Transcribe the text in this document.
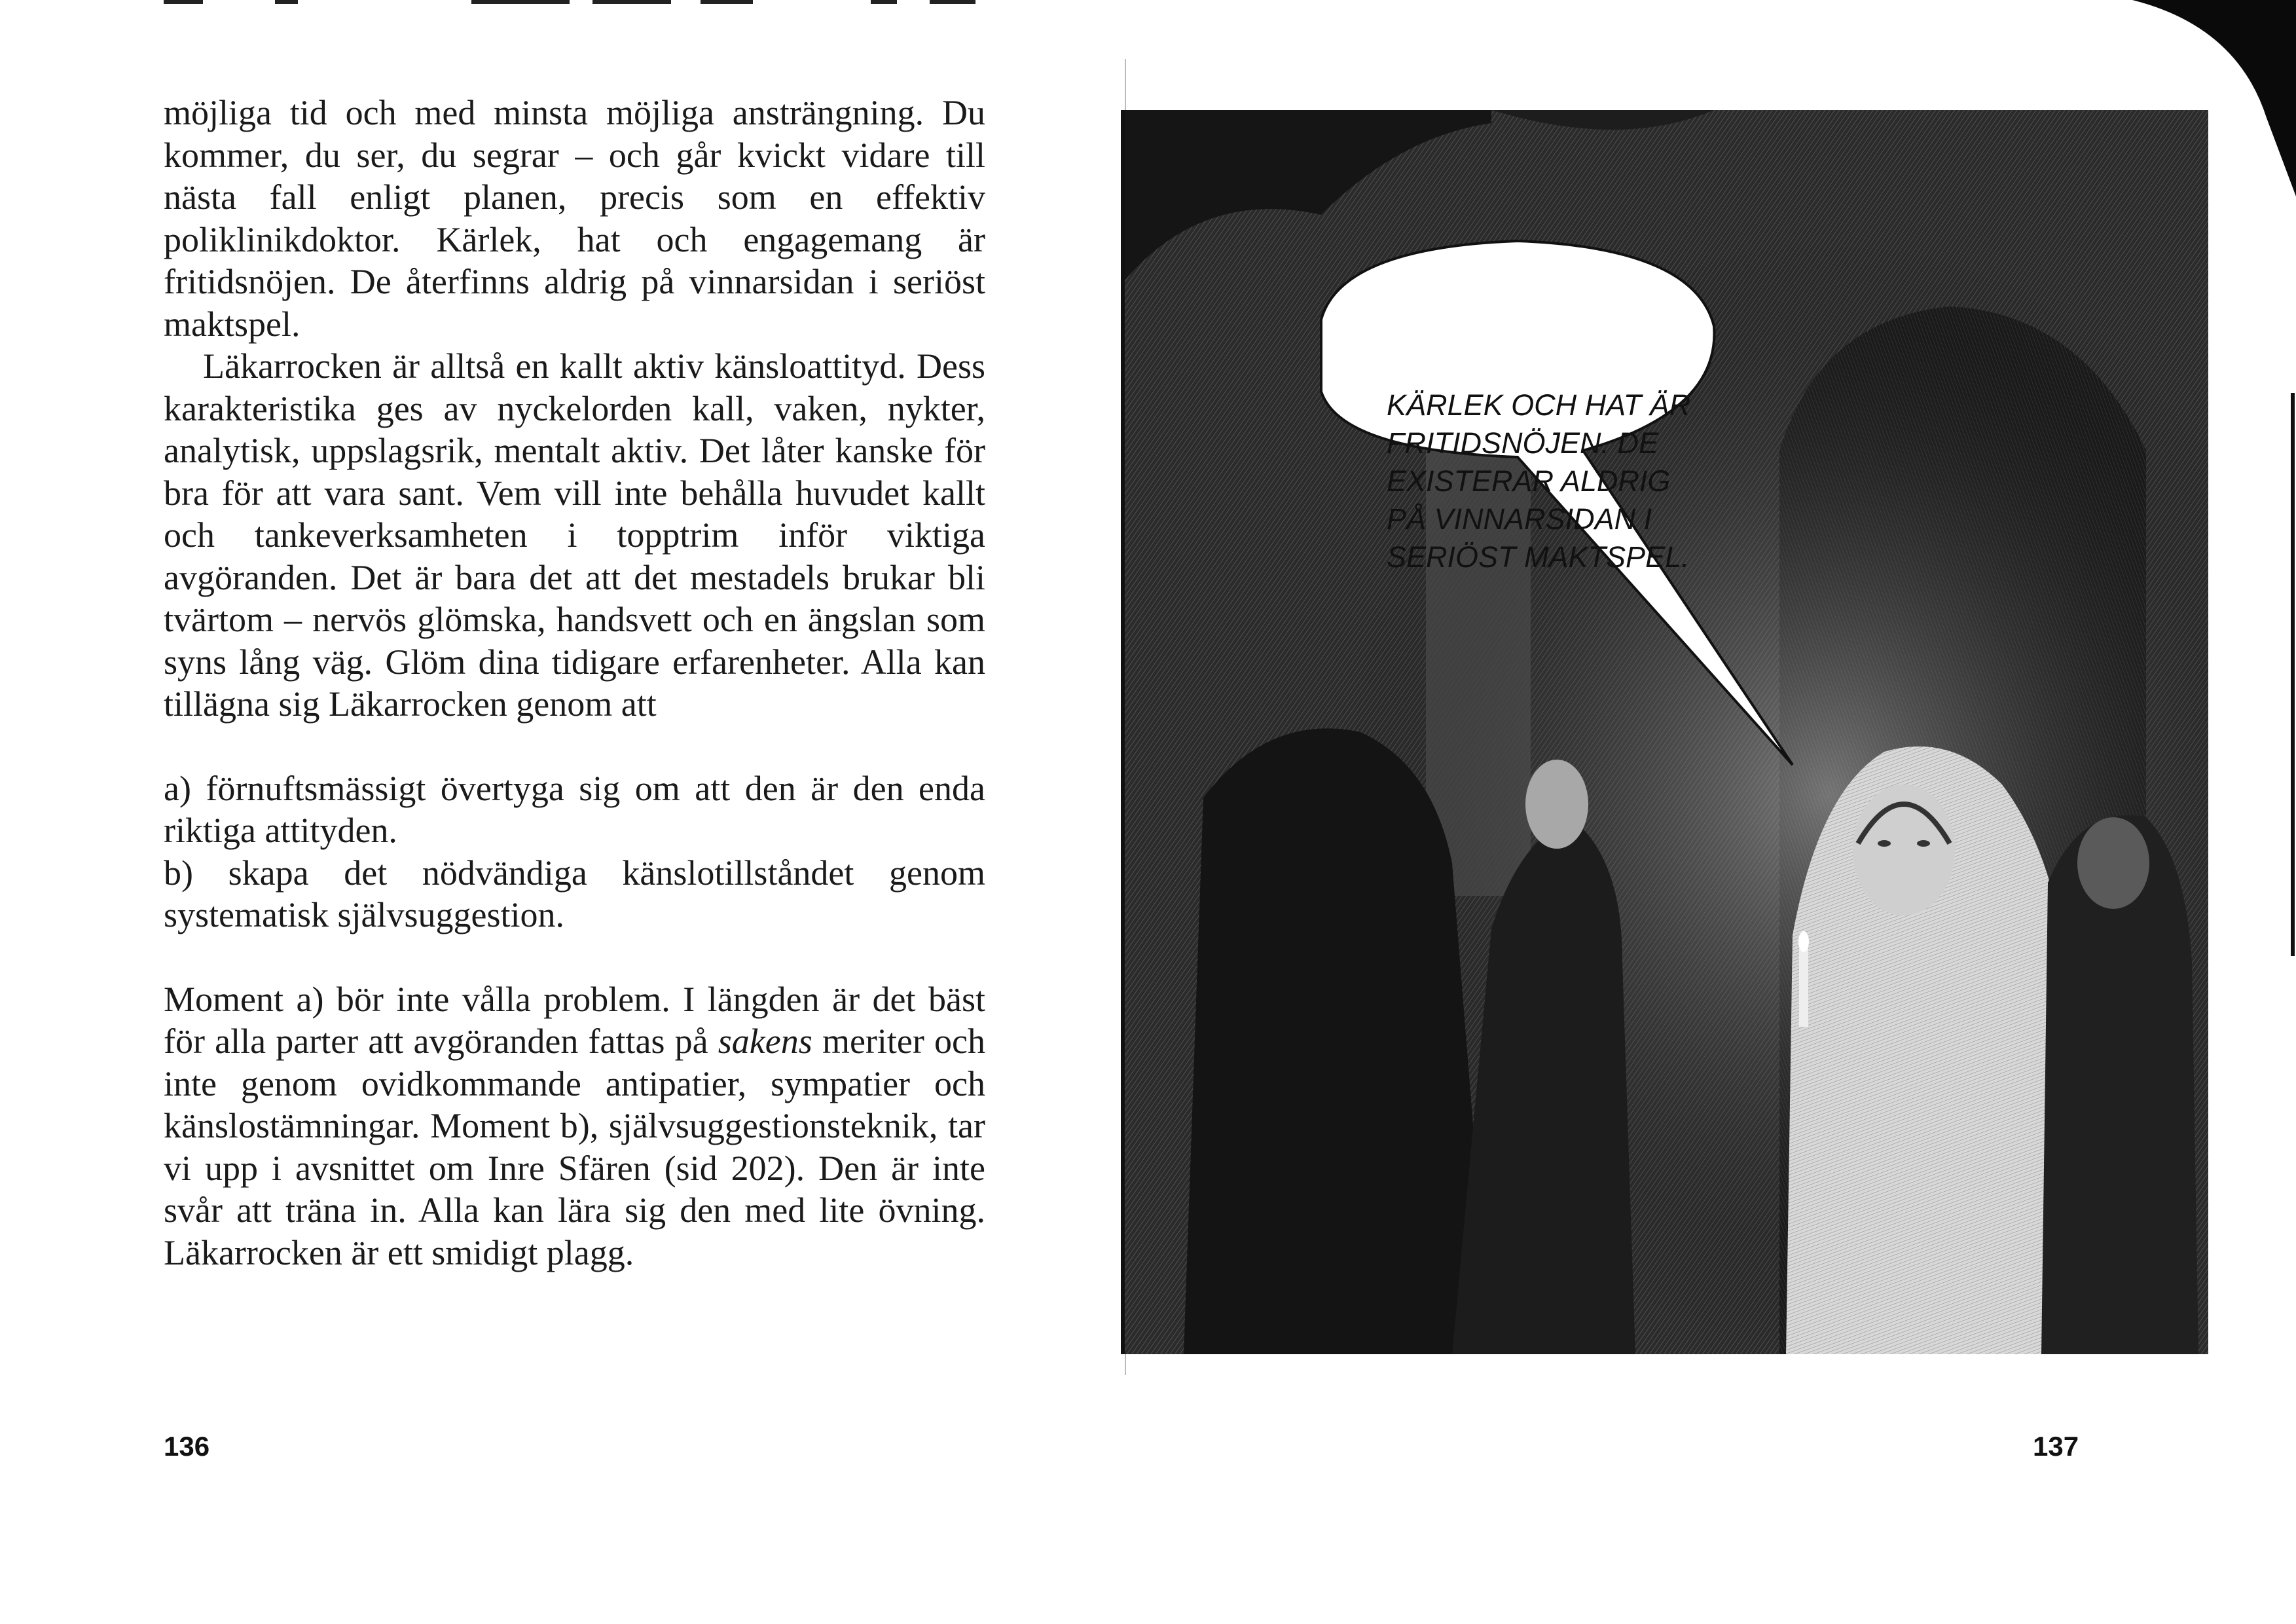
möjliga tid och med minsta möjliga ansträngning. Du kommer, du ser, du segrar – och går kvickt vidare till nästa fall enligt planen, precis som en effektiv poliklinikdoktor. Kärlek, hat och engagemang är fritidsnöjen. De återfinns aldrig på vinnarsidan i seriöst maktspel.

Läkarrocken är alltså en kallt aktiv känsloattityd. Dess karakteristika ges av nyckelorden kall, vaken, nykter, analytisk, uppslagsrik, mentalt aktiv. Det låter kanske för bra för att vara sant. Vem vill inte behålla huvudet kallt och tankeverksamheten i topptrim inför viktiga avgöranden. Det är bara det att det mestadels brukar bli tvärtom – nervös glömska, handsvett och en ängslan som syns lång väg. Glöm dina tidigare erfarenheter. Alla kan tillägna sig Läkarrocken genom att

a) förnuftsmässigt övertyga sig om att den är den enda riktiga attityden.

b) skapa det nödvändiga känslotillståndet genom systematisk självsuggestion.

Moment a) bör inte vålla problem. I längden är det bäst för alla parter att avgöranden fattas på sakens meriter och inte genom ovidkommande antipatier, sympatier och känslostämningar. Moment b), självsuggestionsteknik, tar vi upp i avsnittet om Inre Sfären (sid 202). Den är inte svår att träna in. Alla kan lära sig den med lite övning. Läkarrocken är ett smidigt plagg.

136
KÄRLEK OCH HAT ÄR
FRITIDSNÖJEN. DE
EXISTERAR ALDRIG
PÅ VINNARSIDAN I
SERIÖST MAKTSPEL.
137
